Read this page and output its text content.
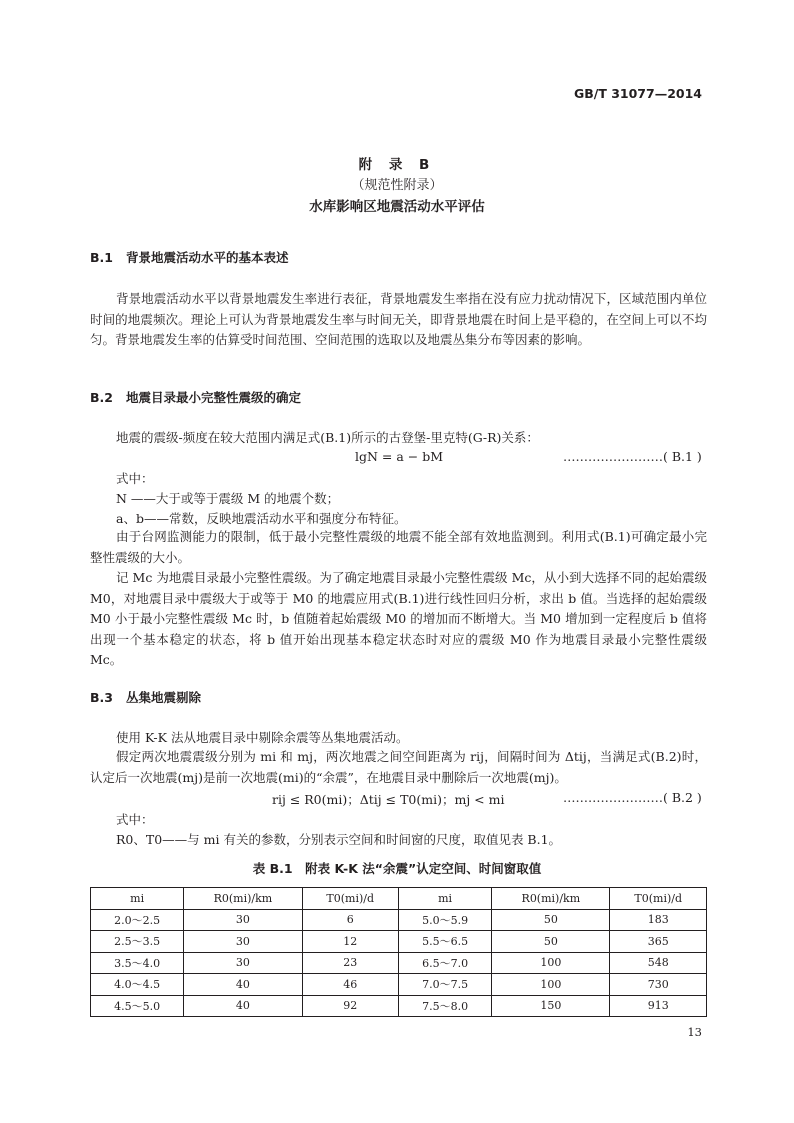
GB/T 31077—2014
附 录 B
（规范性附录）
水库影响区地震活动水平评估
B.1 背景地震活动水平的基本表述
背景地震活动水平以背景地震发生率进行表征，背景地震发生率指在没有应力扰动情况下，区域范围内单位时间的地震频次。理论上可认为背景地震发生率与时间无关，即背景地震在时间上是平稳的，在空间上可以不均匀。背景地震发生率的估算受时间范围、空间范围的选取以及地震丛集分布等因素的影响。
B.2 地震目录最小完整性震级的确定
地震的震级-频度在较大范围内满足式(B.1)所示的古登堡-里克特(G-R)关系：
lgN = a − bM	……………………( B.1 )
式中：
N ——大于或等于震级 M 的地震个数；
a、b——常数，反映地震活动水平和强度分布特征。
由于台网监测能力的限制，低于最小完整性震级的地震不能全部有效地监测到。利用式(B.1)可确定最小完整性震级的大小。
记 Mc 为地震目录最小完整性震级。为了确定地震目录最小完整性震级 Mc，从小到大选择不同的起始震级 M0，对地震目录中震级大于或等于 M0 的地震应用式(B.1)进行线性回归分析，求出 b 值。当选择的起始震级 M0 小于最小完整性震级 Mc 时，b 值随着起始震级 M0 的增加而不断增大。当 M0 增加到一定程度后 b 值将出现一个基本稳定的状态，将 b 值开始出现基本稳定状态时对应的震级 M0 作为地震目录最小完整性震级 Mc。
B.3 丛集地震剔除
使用 K-K 法从地震目录中剔除余震等丛集地震活动。
假定两次地震震级分别为 mi 和 mj，两次地震之间空间距离为 rij，间隔时间为 Δtij，当满足式(B.2)时，认定后一次地震(mj)是前一次地震(mi)的“余震”，在地震目录中删除后一次地震(mj)。
rij ≤ R0(mi)；Δtij ≤ T0(mi)；mj < mi	……………………( B.2 )
式中：
R0、T0——与 mi 有关的参数，分别表示空间和时间窗的尺度，取值见表 B.1。
表 B.1　附表 K-K 法“余震”认定空间、时间窗取值
mi	R0(mi)/km	T0(mi)/d	mi	R0(mi)/km	T0(mi)/d
2.0～2.5	30	6	5.0～5.9	50	183
2.5～3.5	30	12	5.5～6.5	50	365
3.5～4.0	30	23	6.5～7.0	100	548
4.0～4.5	40	46	7.0～7.5	100	730
4.5～5.0	40	92	7.5～8.0	150	913
13
